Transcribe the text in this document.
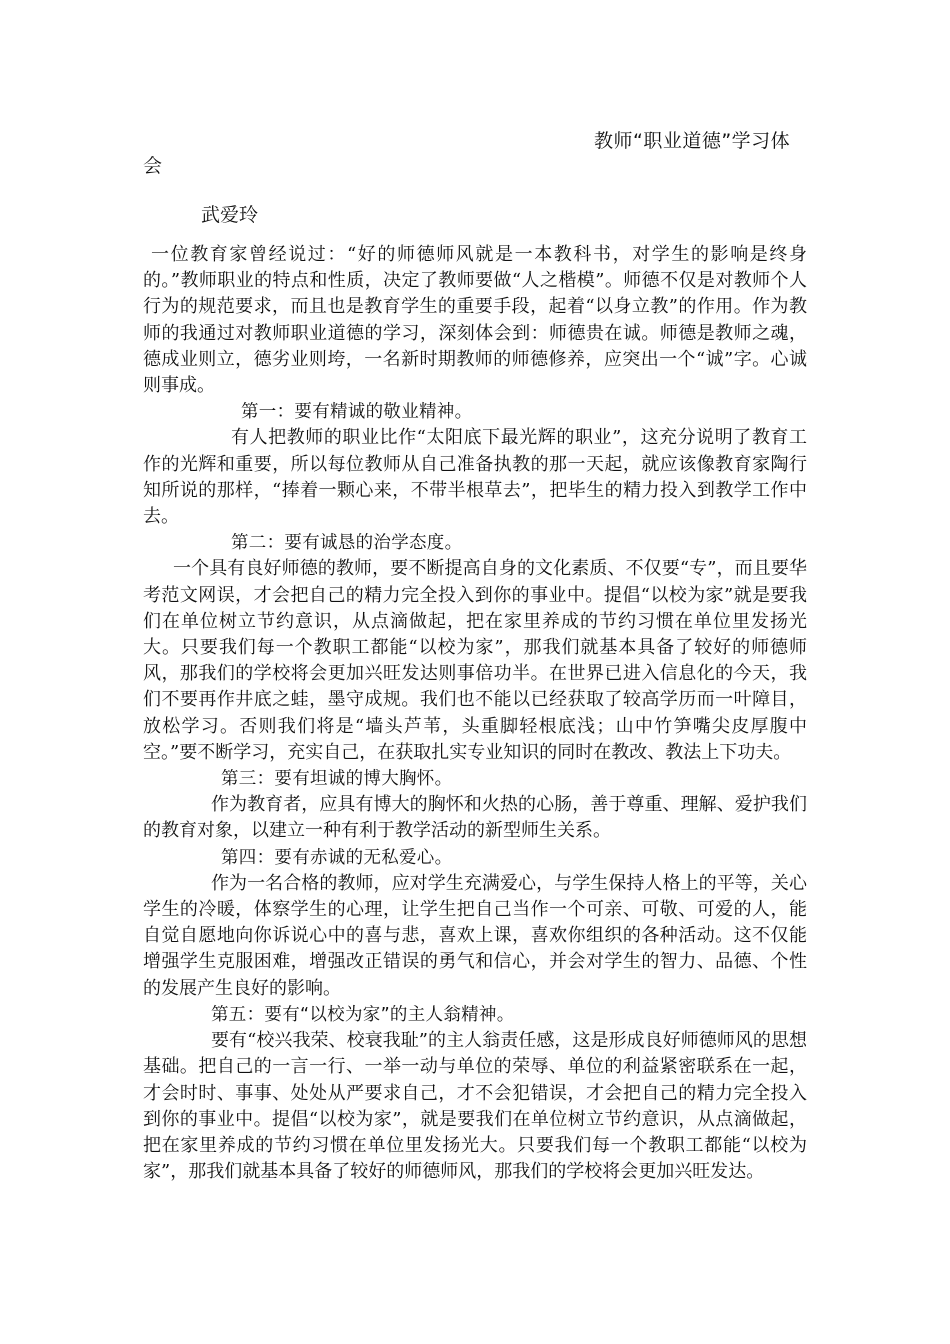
教师“职业道德”学习体
会
武爱玲

一位教育家曾经说过：“好的师德师风就是一本教科书，对学生的影响是终身的。”教师职业的特点和性质，决定了教师要做“人之楷模”。师德不仅是对教师个人行为的规范要求，而且也是教育学生的重要手段，起着“以身立教”的作用。作为教师的我通过对教师职业道德的学习，深刻体会到：师德贵在诚。师德是教师之魂，德成业则立，德劣业则垮，一名新时期教师的师德修养，应突出一个“诚”字。心诚则事成。

第一：要有精诚的敬业精神。

有人把教师的职业比作“太阳底下最光辉的职业”，这充分说明了教育工作的光辉和重要，所以每位教师从自己准备执教的那一天起，就应该像教育家陶行知所说的那样，“捧着一颗心来，不带半根草去”，把毕生的精力投入到教学工作中去。

第二：要有诚恳的治学态度。

一个具有良好师德的教师，要不断提高自身的文化素质、不仅要“专”，而且要华考范文网误，才会把自己的精力完全投入到你的事业中。提倡“以校为家”就是要我们在单位树立节约意识，从点滴做起，把在家里养成的节约习惯在单位里发扬光大。只要我们每一个教职工都能“以校为家”，那我们就基本具备了较好的师德师风，那我们的学校将会更加兴旺发达则事倍功半。在世界已进入信息化的今天，我们不要再作井底之蛙，墨守成规。我们也不能以已经获取了较高学历而一叶障目，放松学习。否则我们将是“墙头芦苇，头重脚轻根底浅；山中竹笋嘴尖皮厚腹中空。”要不断学习，充实自己，在获取扎实专业知识的同时在教改、教法上下功夫。

第三：要有坦诚的博大胸怀。

作为教育者，应具有博大的胸怀和火热的心肠，善于尊重、理解、爱护我们的教育对象，以建立一种有利于教学活动的新型师生关系。

第四：要有赤诚的无私爱心。

作为一名合格的教师，应对学生充满爱心，与学生保持人格上的平等，关心学生的冷暖，体察学生的心理，让学生把自己当作一个可亲、可敬、可爱的人，能自觉自愿地向你诉说心中的喜与悲，喜欢上课，喜欢你组织的各种活动。这不仅能增强学生克服困难，增强改正错误的勇气和信心，并会对学生的智力、品德、个性的发展产生良好的影响。

第五：要有“以校为家”的主人翁精神。

要有“校兴我荣、校衰我耻”的主人翁责任感，这是形成良好师德师风的思想基础。把自己的一言一行、一举一动与单位的荣辱、单位的利益紧密联系在一起，才会时时、事事、处处从严要求自己，才不会犯错误，才会把自己的精力完全投入到你的事业中。提倡“以校为家”，就是要我们在单位树立节约意识，从点滴做起，把在家里养成的节约习惯在单位里发扬光大。只要我们每一个教职工都能“以校为家”，那我们就基本具备了较好的师德师风，那我们的学校将会更加兴旺发达。
